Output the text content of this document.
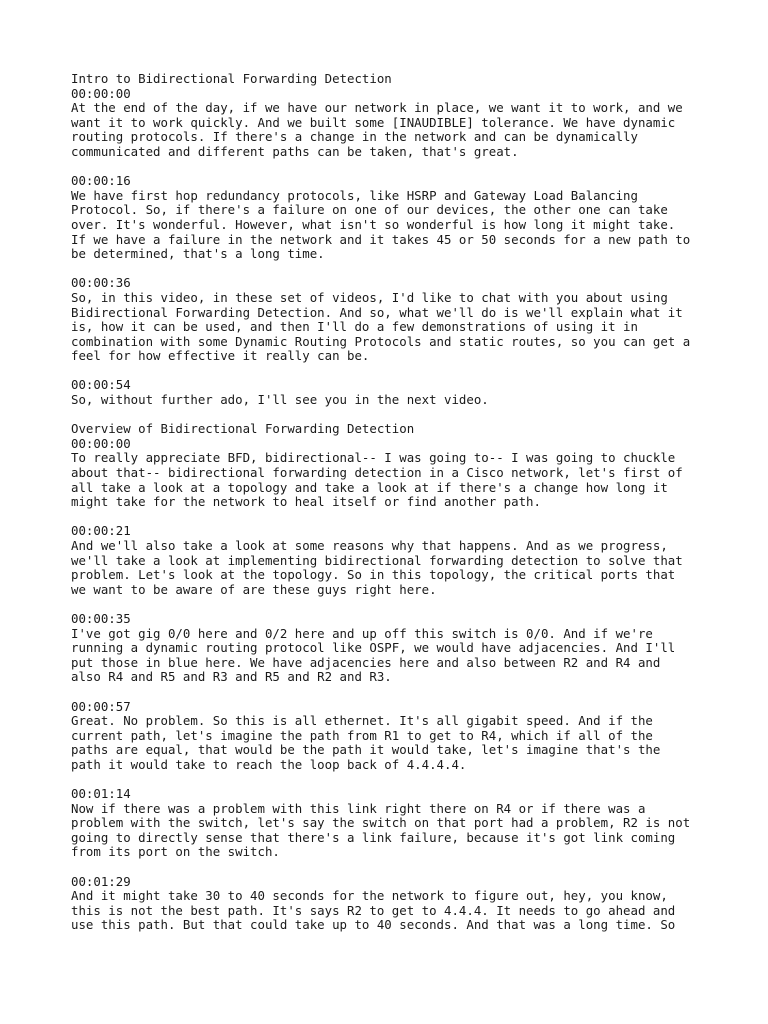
Intro to Bidirectional Forwarding Detection
00:00:00
At the end of the day, if we have our network in place, we want it to work, and we
want it to work quickly. And we built some [INAUDIBLE] tolerance. We have dynamic
routing protocols. If there's a change in the network and can be dynamically
communicated and different paths can be taken, that's great.
00:00:16
We have first hop redundancy protocols, like HSRP and Gateway Load Balancing
Protocol. So, if there's a failure on one of our devices, the other one can take
over. It's wonderful. However, what isn't so wonderful is how long it might take.
If we have a failure in the network and it takes 45 or 50 seconds for a new path to
be determined, that's a long time.
00:00:36
So, in this video, in these set of videos, I'd like to chat with you about using
Bidirectional Forwarding Detection. And so, what we'll do is we'll explain what it
is, how it can be used, and then I'll do a few demonstrations of using it in
combination with some Dynamic Routing Protocols and static routes, so you can get a
feel for how effective it really can be.
00:00:54
So, without further ado, I'll see you in the next video.
Overview of Bidirectional Forwarding Detection
00:00:00
To really appreciate BFD, bidirectional-- I was going to-- I was going to chuckle
about that-- bidirectional forwarding detection in a Cisco network, let's first of
all take a look at a topology and take a look at if there's a change how long it
might take for the network to heal itself or find another path.
00:00:21
And we'll also take a look at some reasons why that happens. And as we progress,
we'll take a look at implementing bidirectional forwarding detection to solve that
problem. Let's look at the topology. So in this topology, the critical ports that
we want to be aware of are these guys right here.
00:00:35
I've got gig 0/0 here and 0/2 here and up off this switch is 0/0. And if we're
running a dynamic routing protocol like OSPF, we would have adjacencies. And I'll
put those in blue here. We have adjacencies here and also between R2 and R4 and
also R4 and R5 and R3 and R5 and R2 and R3.
00:00:57
Great. No problem. So this is all ethernet. It's all gigabit speed. And if the
current path, let's imagine the path from R1 to get to R4, which if all of the
paths are equal, that would be the path it would take, let's imagine that's the
path it would take to reach the loop back of 4.4.4.4.
00:01:14
Now if there was a problem with this link right there on R4 or if there was a
problem with the switch, let's say the switch on that port had a problem, R2 is not
going to directly sense that there's a link failure, because it's got link coming
from its port on the switch.
00:01:29
And it might take 30 to 40 seconds for the network to figure out, hey, you know,
this is not the best path. It's says R2 to get to 4.4.4. It needs to go ahead and
use this path. But that could take up to 40 seconds. And that was a long time. So
